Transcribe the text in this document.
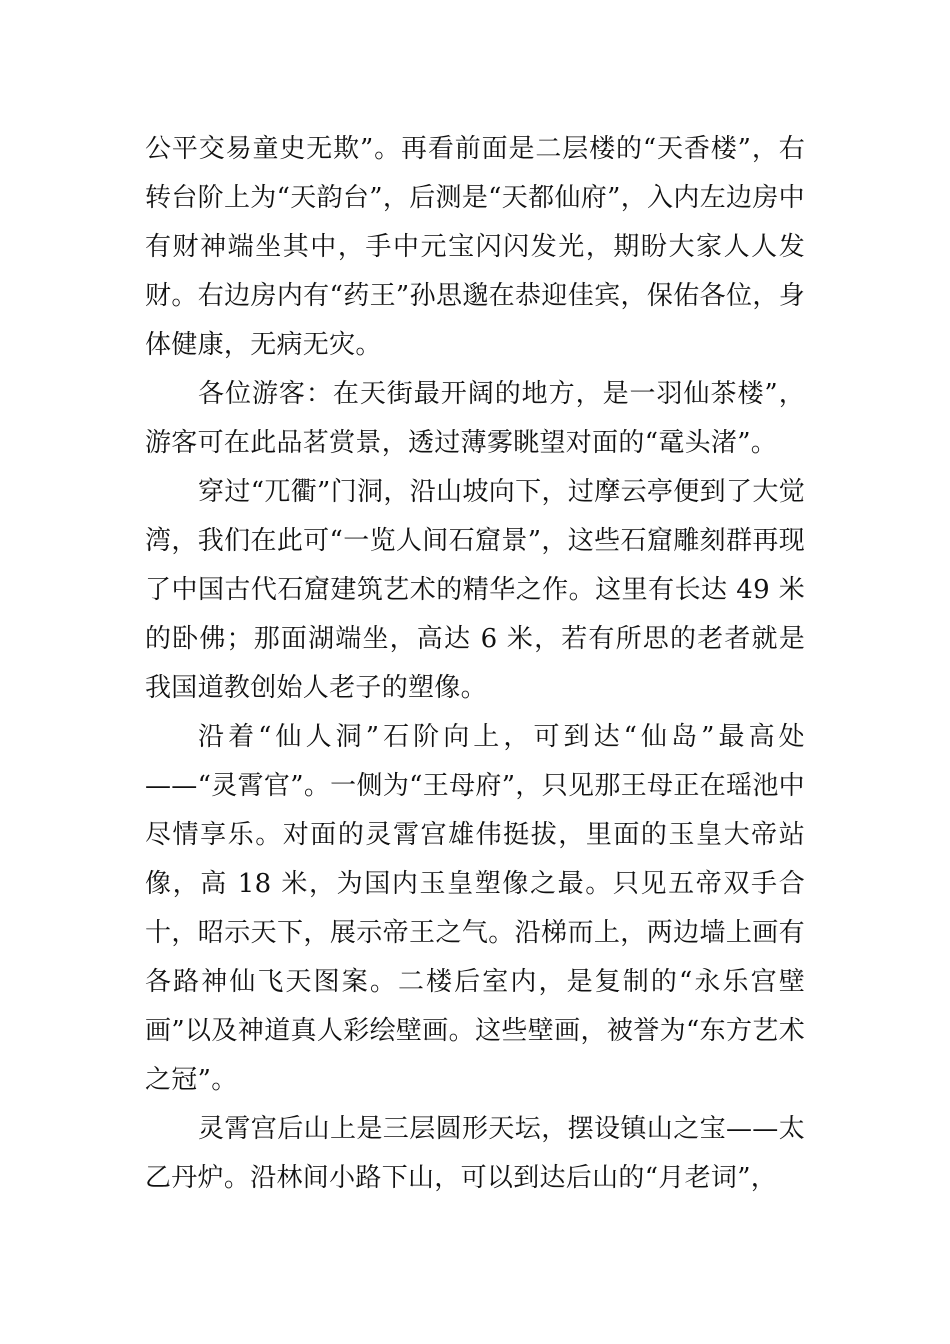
公平交易童史无欺”。再看前面是二层楼的“天香楼”，右转台阶上为“天韵台”，后测是“天都仙府”，入内左边房中有财神端坐其中，手中元宝闪闪发光，期盼大家人人发财。右边房内有“药王”孙思邈在恭迎佳宾，保佑各位，身体健康，无病无灾。

各位游客：在天街最开阔的地方，是一羽仙茶楼”，游客可在此品茗赏景，透过薄雾眺望对面的“鼋头渚”。

穿过“兀衢”门洞，沿山坡向下，过摩云亭便到了大觉湾，我们在此可“一览人间石窟景”，这些石窟雕刻群再现了中国古代石窟建筑艺术的精华之作。这里有长达 49 米的卧佛；那面湖端坐，高达 6 米，若有所思的老者就是我国道教创始人老子的塑像。

沿着“仙人洞”石阶向上，可到达“仙岛”最高处——“灵霄官”。一侧为“王母府”，只见那王母正在瑶池中尽情享乐。对面的灵霄宫雄伟挺拔，里面的玉皇大帝站像，高 18 米，为国内玉皇塑像之最。只见五帝双手合十，昭示天下，展示帝王之气。沿梯而上，两边墙上画有各路神仙飞天图案。二楼后室内，是复制的“永乐宫壁画”以及神道真人彩绘壁画。这些壁画，被誉为“东方艺术之冠”。

灵霄宫后山上是三层圆形天坛，摆设镇山之宝——太乙丹炉。沿林间小路下山，可以到达后山的“月老词”，
